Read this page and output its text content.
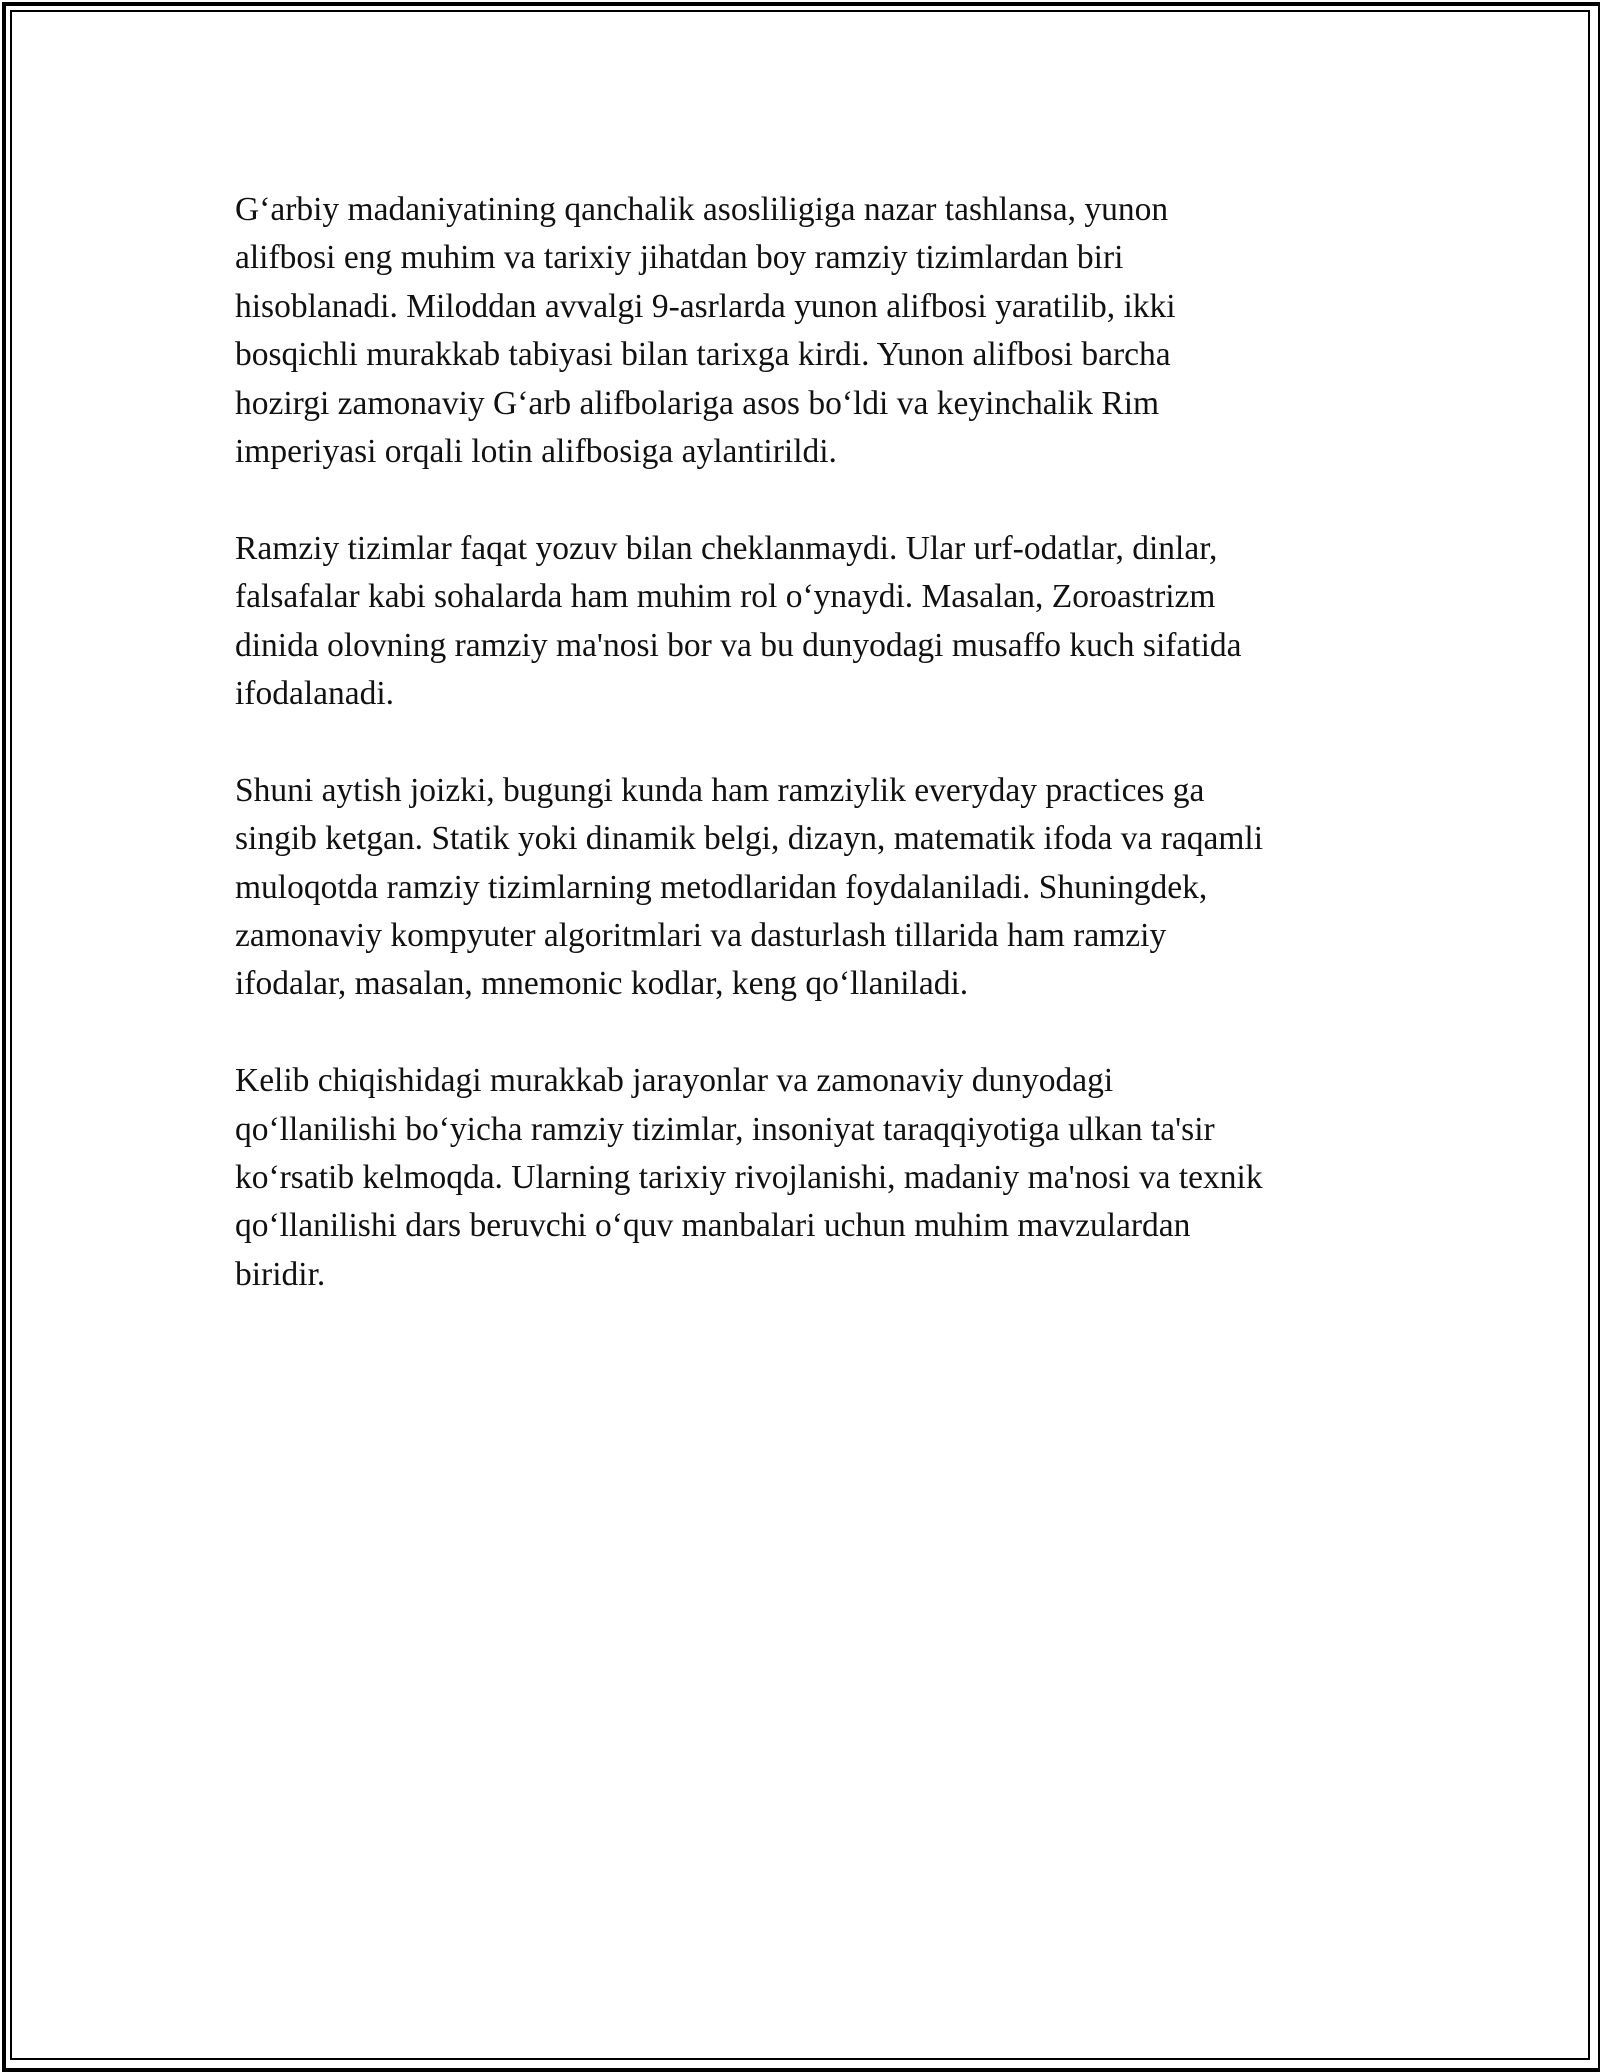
G‘arbiy madaniyatining qanchalik asosliligiga nazar tashlansa, yunon
alifbosi eng muhim va tarixiy jihatdan boy ramziy tizimlardan biri
hisoblanadi. Miloddan avvalgi 9-asrlarda yunon alifbosi yaratilib, ikki
bosqichli murakkab tabiyasi bilan tarixga kirdi. Yunon alifbosi barcha
hozirgi zamonaviy G‘arb alifbolariga asos bo‘ldi va keyinchalik Rim
imperiyasi orqali lotin alifbosiga aylantirildi.

Ramziy tizimlar faqat yozuv bilan cheklanmaydi. Ular urf-odatlar, dinlar,
falsafalar kabi sohalarda ham muhim rol o‘ynaydi. Masalan, Zoroastrizm
dinida olovning ramziy ma'nosi bor va bu dunyodagi musaffo kuch sifatida
ifodalanadi.

Shuni aytish joizki, bugungi kunda ham ramziylik everyday practices ga
singib ketgan. Statik yoki dinamik belgi, dizayn, matematik ifoda va raqamli
muloqotda ramziy tizimlarning metodlaridan foydalaniladi. Shuningdek,
zamonaviy kompyuter algoritmlari va dasturlash tillarida ham ramziy
ifodalar, masalan, mnemonic kodlar, keng qo‘llaniladi.

Kelib chiqishidagi murakkab jarayonlar va zamonaviy dunyodagi
qo‘llanilishi bo‘yicha ramziy tizimlar, insoniyat taraqqiyotiga ulkan ta'sir
ko‘rsatib kelmoqda. Ularning tarixiy rivojlanishi, madaniy ma'nosi va texnik
qo‘llanilishi dars beruvchi o‘quv manbalari uchun muhim mavzulardan
biridir.
